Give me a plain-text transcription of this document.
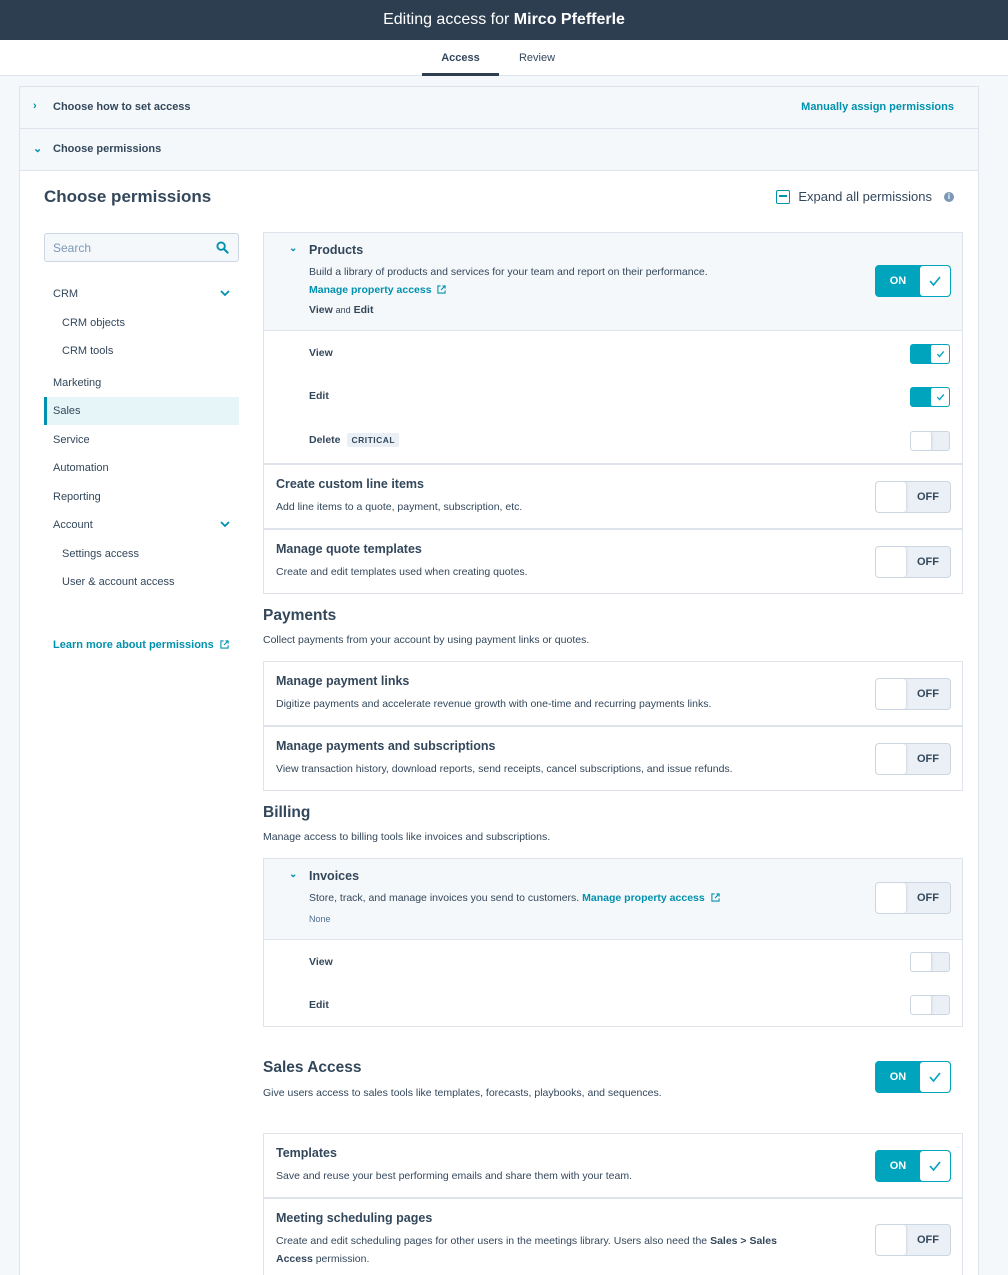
Editing access for Mirco Pfefferle
Access	Review
› Choose how to set access	Manually assign permissions
⌄ Choose permissions
Choose permissions	Expand all permissions	i
Search
CRM
CRM objects
CRM tools
Marketing
Sales
Service
Automation
Reporting
Account
Settings access
User & account access
Learn more about permissions
⌄ Products
Build a library of products and services for your team and report on their performance.
Manage property access
View and Edit
ON
View
Edit
Delete CRITICAL
Create custom line items
Add line items to a quote, payment, subscription, etc.
OFF
Manage quote templates
Create and edit templates used when creating quotes.
OFF
Payments
Collect payments from your account by using payment links or quotes.
Manage payment links
Digitize payments and accelerate revenue growth with one-time and recurring payments links.
OFF
Manage payments and subscriptions
View transaction history, download reports, send receipts, cancel subscriptions, and issue refunds.
OFF
Billing
Manage access to billing tools like invoices and subscriptions.
⌄ Invoices
Store, track, and manage invoices you send to customers. Manage property access
None
OFF
View
Edit
Sales Access
Give users access to sales tools like templates, forecasts, playbooks, and sequences.
ON
Templates
Save and reuse your best performing emails and share them with your team.
ON
Meeting scheduling pages
Create and edit scheduling pages for other users in the meetings library. Users also need the Sales > Sales
Access permission.
OFF
